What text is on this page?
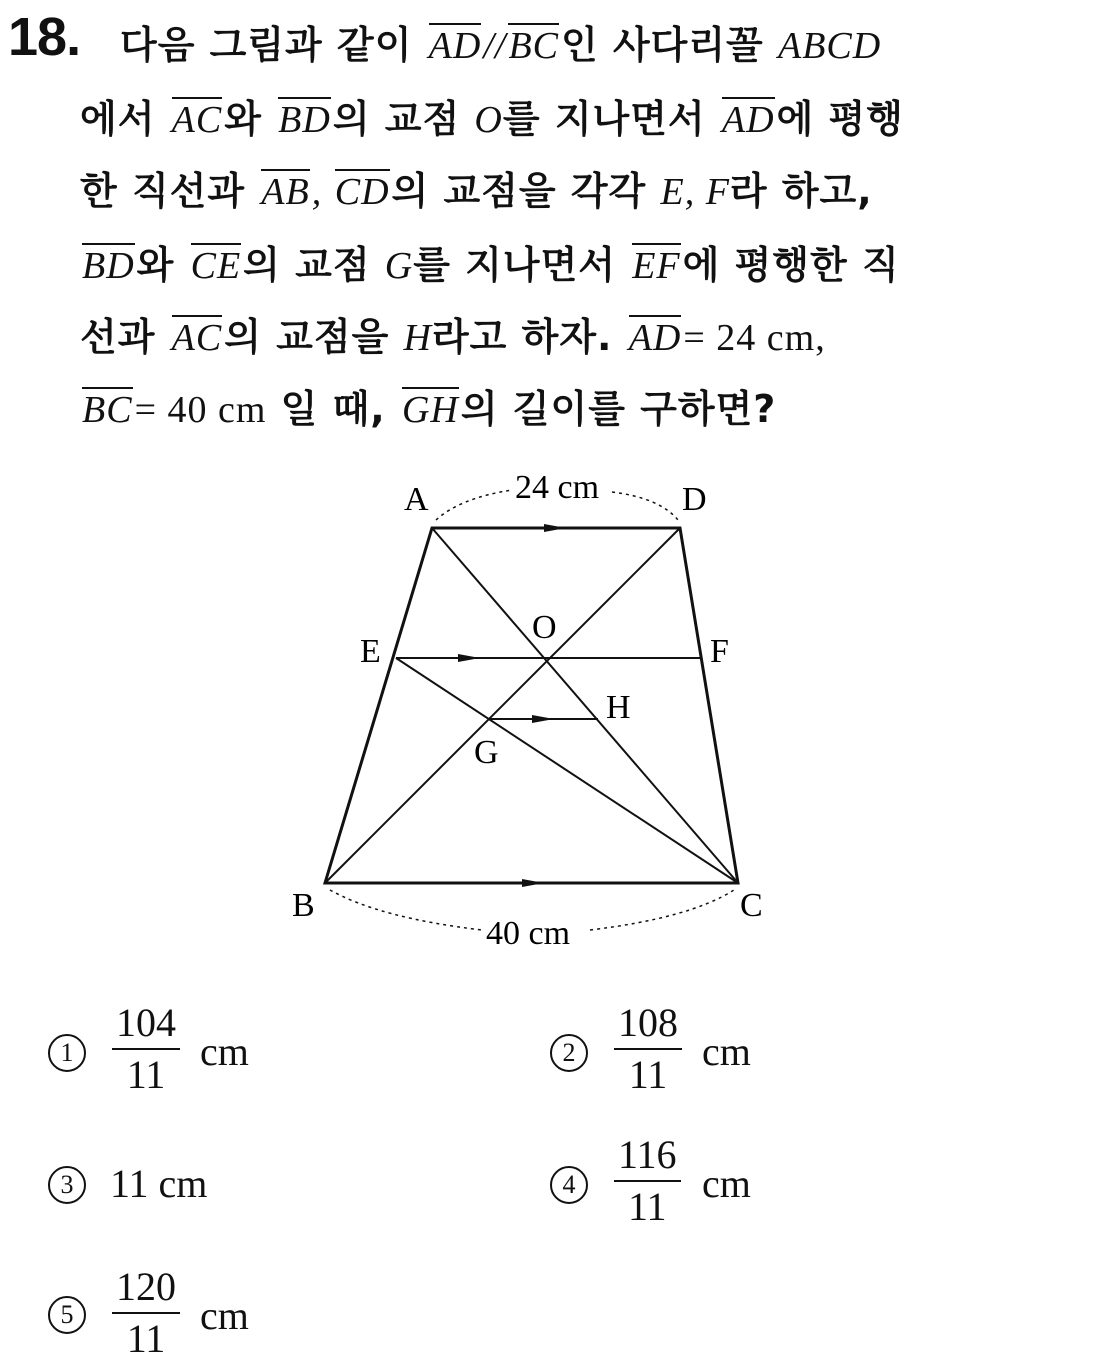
18. 다음 그림과 같이 AD//BC인 사다리꼴 ABCD
에서 AC와 BD의 교점 O를 지나면서 AD에 평행
한 직선과 AB, CD의 교점을 각각 E, F라 하고,
BD와 CE의 교점 G를 지나면서 EF에 평행한 직
선과 AC의 교점을 H라고 하자. AD= 24 cm,
BC= 40 cm 일 때, GH의 길이를 구하면?
A	D
O
E	F
H
G
B	C
24 cm
40 cm
$1 \frac{104}{11}$ cm	$2 \frac{108}{11}$ cm
3 11 cm	$4 \frac{116}{11}$ cm
$5 \frac{120}{11}$ cm
